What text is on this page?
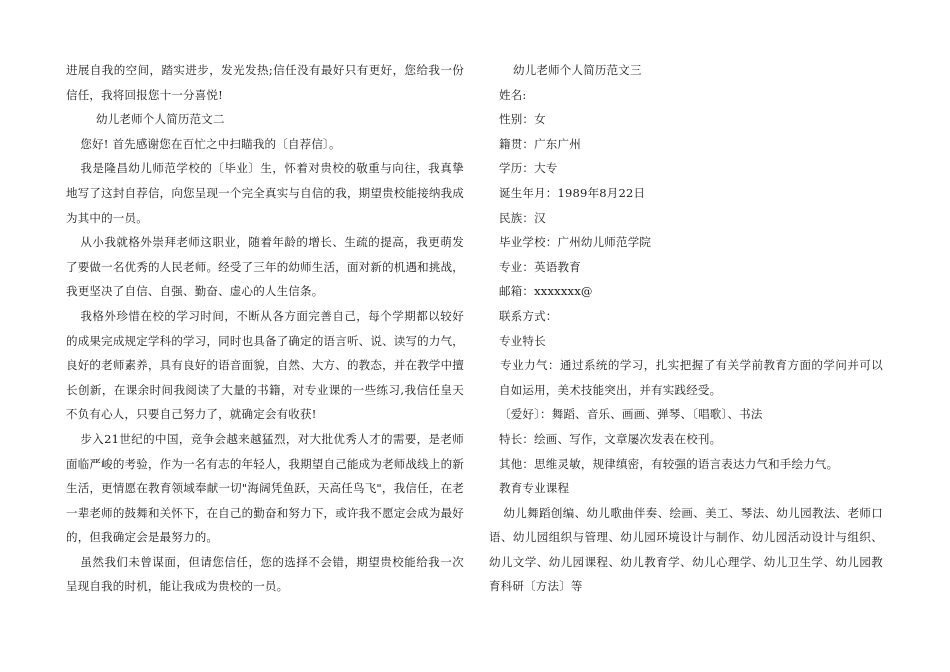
进展自我的空间，踏实进步，发光发热;信任没有最好只有更好，您给我一份信任，我将回报您十一分喜悦!

幼儿老师个人简历范文二

您好! 首先感谢您在百忙之中扫瞄我的〔自荐信〕。

我是隆昌幼儿师范学校的〔毕业〕生，怀着对贵校的敬重与向往，我真挚地写了这封自荐信，向您呈现一个完全真实与自信的我，期望贵校能接纳我成为其中的一员。

从小我就格外崇拜老师这职业，随着年龄的增长、生疏的提高，我更萌发了要做一名优秀的人民老师。经受了三年的幼师生活，面对新的机遇和挑战，我更坚决了自信、自强、勤奋、虚心的人生信条。

我格外珍惜在校的学习时间，不断从各方面完善自己，每个学期都以较好的成果完成规定学科的学习，同时也具备了确定的语言听、说、读写的力气，良好的老师素养，具有良好的语音面貌，自然、大方、的教态，并在教学中擅长创新，在课余时间我阅读了大量的书籍，对专业课的一些练习,我信任皇天不负有心人，只要自己努力了，就确定会有收获!

步入21世纪的中国，竞争会越来越猛烈，对大批优秀人才的需要，是老师面临严峻的考验，作为一名有志的年轻人，我期望自己能成为老师战线上的新生活，更情愿在教育领域奉献一切"海阔凭鱼跃，天高任鸟飞"，我信任，在老一辈老师的鼓舞和关怀下，在自己的勤奋和努力下，或许我不愿定会成为最好的，但我确定会是最努力的。

虽然我们未曾谋面，但请您信任，您的选择不会错，期望贵校能给我一次呈现自我的时机，能让我成为贵校的一员。

幼儿老师个人简历范文三

姓名:

性别：女

籍贯：广东广州

学历：大专

诞生年月：1989年8月22日

民族：汉

毕业学校：广州幼儿师范学院

专业：英语教育

邮箱：xxxxxxx@

联系方式：

专业特长

专业力气：通过系统的学习，扎实把握了有关学前教育方面的学问并可以自如运用，美术技能突出，并有实践经受。

〔爱好〕：舞蹈、音乐、画画、弹琴、〔唱歌〕、书法

特长：绘画、写作，文章屡次发表在校刊。

其他：思维灵敏，规律缜密，有较强的语言表达力气和手绘力气。

教育专业课程

幼儿舞蹈创编、幼儿歌曲伴奏、绘画、美工、琴法、幼儿园教法、老师口语、幼儿园组织与管理、幼儿园环境设计与制作、幼儿园活动设计与组织、幼儿文学、幼儿园课程、幼儿教育学、幼儿心理学、幼儿卫生学、幼儿园教育科研〔方法〕等
